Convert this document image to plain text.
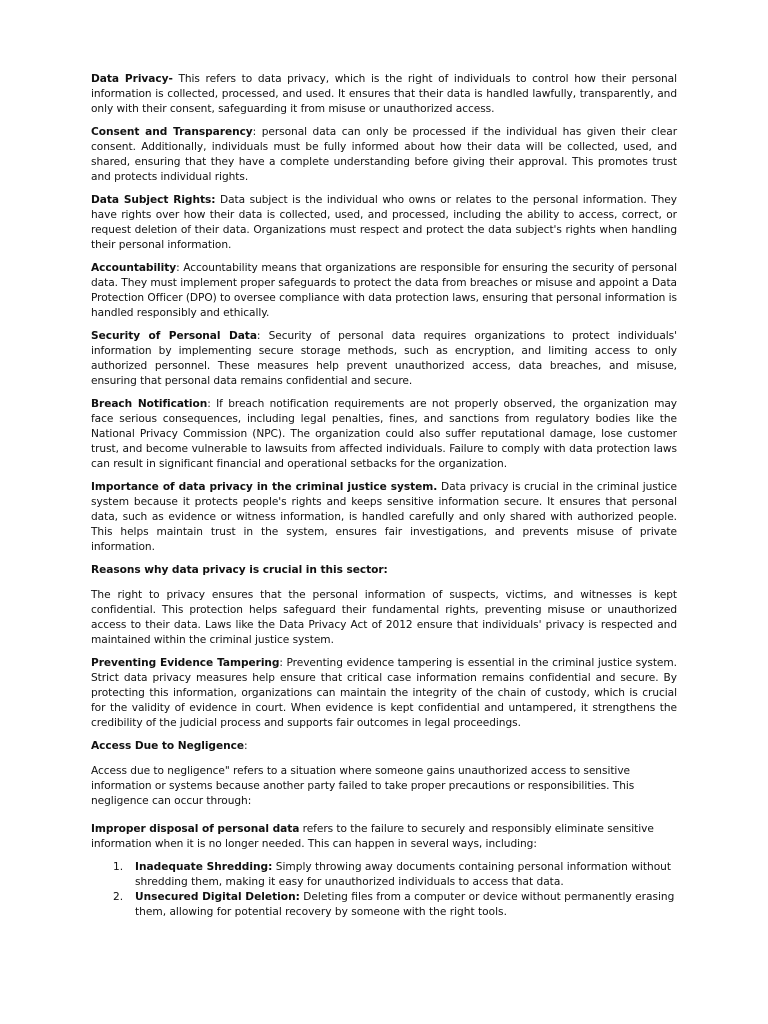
Data Privacy- This refers to data privacy, which is the right of individuals to control how their personal information is collected, processed, and used. It ensures that their data is handled lawfully, transparently, and only with their consent, safeguarding it from misuse or unauthorized access.

Consent and Transparency: personal data can only be processed if the individual has given their clear consent. Additionally, individuals must be fully informed about how their data will be collected, used, and shared, ensuring that they have a complete understanding before giving their approval. This promotes trust and protects individual rights.

Data Subject Rights: Data subject is the individual who owns or relates to the personal information. They have rights over how their data is collected, used, and processed, including the ability to access, correct, or request deletion of their data. Organizations must respect and protect the data subject's rights when handling their personal information.

Accountability: Accountability means that organizations are responsible for ensuring the security of personal data. They must implement proper safeguards to protect the data from breaches or misuse and appoint a Data Protection Officer (DPO) to oversee compliance with data protection laws, ensuring that personal information is handled responsibly and ethically.

Security of Personal Data: Security of personal data requires organizations to protect individuals' information by implementing secure storage methods, such as encryption, and limiting access to only authorized personnel. These measures help prevent unauthorized access, data breaches, and misuse, ensuring that personal data remains confidential and secure.

Breach Notification: If breach notification requirements are not properly observed, the organization may face serious consequences, including legal penalties, fines, and sanctions from regulatory bodies like the National Privacy Commission (NPC). The organization could also suffer reputational damage, lose customer trust, and become vulnerable to lawsuits from affected individuals. Failure to comply with data protection laws can result in significant financial and operational setbacks for the organization.

Importance of data privacy in the criminal justice system. Data privacy is crucial in the criminal justice system because it protects people's rights and keeps sensitive information secure. It ensures that personal data, such as evidence or witness information, is handled carefully and only shared with authorized people. This helps maintain trust in the system, ensures fair investigations, and prevents misuse of private information.

Reasons why data privacy is crucial in this sector:

The right to privacy ensures that the personal information of suspects, victims, and witnesses is kept confidential. This protection helps safeguard their fundamental rights, preventing misuse or unauthorized access to their data. Laws like the Data Privacy Act of 2012 ensure that individuals' privacy is respected and maintained within the criminal justice system.

Preventing Evidence Tampering: Preventing evidence tampering is essential in the criminal justice system. Strict data privacy measures help ensure that critical case information remains confidential and secure. By protecting this information, organizations can maintain the integrity of the chain of custody, which is crucial for the validity of evidence in court. When evidence is kept confidential and untampered, it strengthens the credibility of the judicial process and supports fair outcomes in legal proceedings.

Access Due to Negligence:

Access due to negligence" refers to a situation where someone gains unauthorized access to sensitive information or systems because another party failed to take proper precautions or responsibilities. This negligence can occur through:

Improper disposal of personal data refers to the failure to securely and responsibly eliminate sensitive information when it is no longer needed. This can happen in several ways, including:

1. Inadequate Shredding: Simply throwing away documents containing personal information without shredding them, making it easy for unauthorized individuals to access that data.
2. Unsecured Digital Deletion: Deleting files from a computer or device without permanently erasing them, allowing for potential recovery by someone with the right tools.
